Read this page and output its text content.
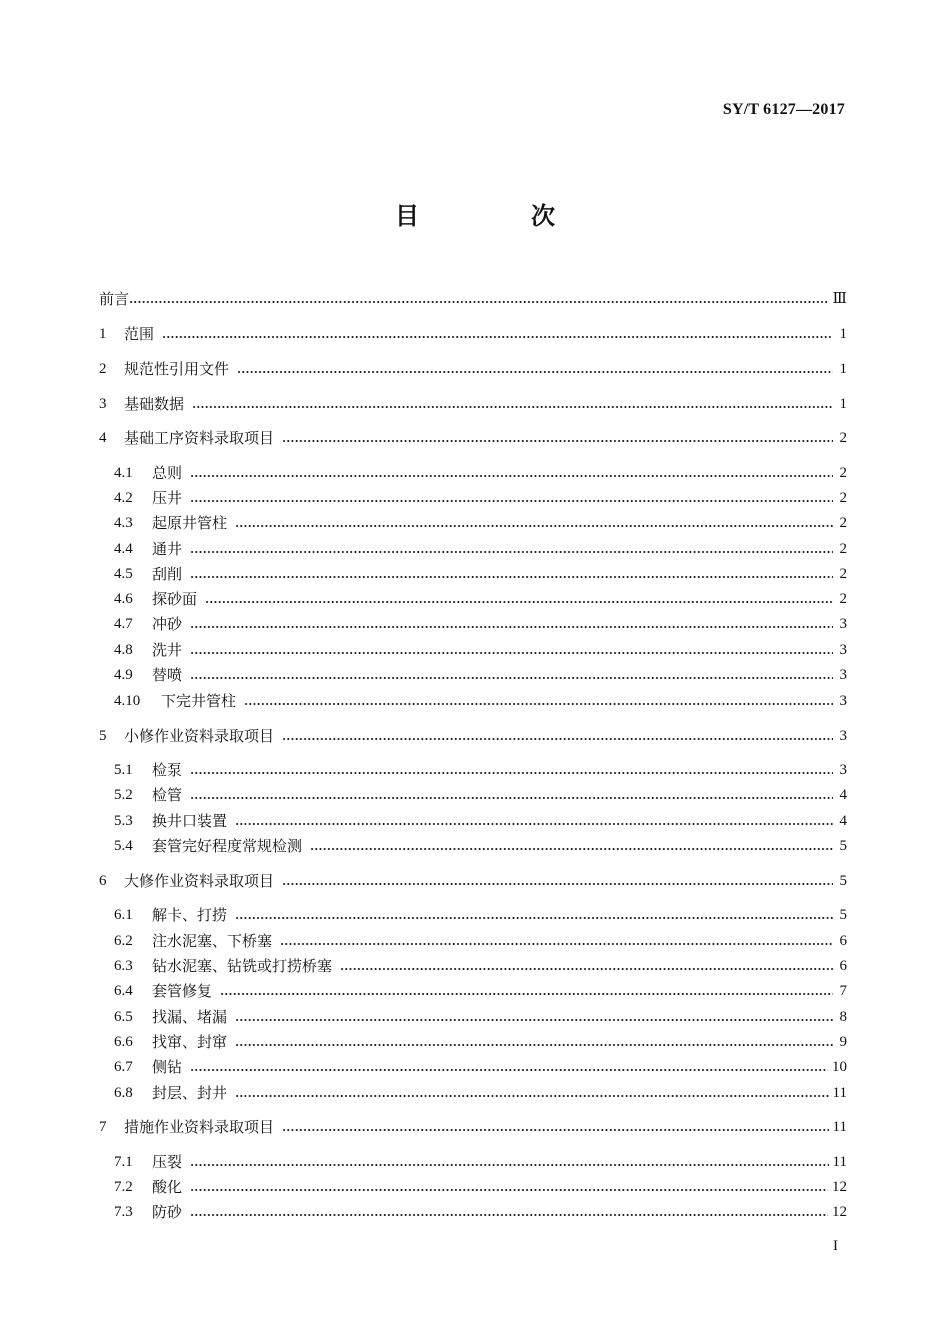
SY/T 6127—2017
目　次
前言	Ⅲ
1	范围	1
2	规范性引用文件	1
3	基础数据	1
4	基础工序资料录取项目	2
4.1	总则	2
4.2	压井	2
4.3	起原井管柱	2
4.4	通井	2
4.5	刮削	2
4.6	探砂面	2
4.7	冲砂	3
4.8	洗井	3
4.9	替喷	3
4.10	下完井管柱	3
5	小修作业资料录取项目	3
5.1	检泵	3
5.2	检管	4
5.3	换井口装置	4
5.4	套管完好程度常规检测	5
6	大修作业资料录取项目	5
6.1	解卡、打捞	5
6.2	注水泥塞、下桥塞	6
6.3	钻水泥塞、钻铣或打捞桥塞	6
6.4	套管修复	7
6.5	找漏、堵漏	8
6.6	找窜、封窜	9
6.7	侧钻	10
6.8	封层、封井	11
7	措施作业资料录取项目	11
7.1	压裂	11
7.2	酸化	12
7.3	防砂	12
I
